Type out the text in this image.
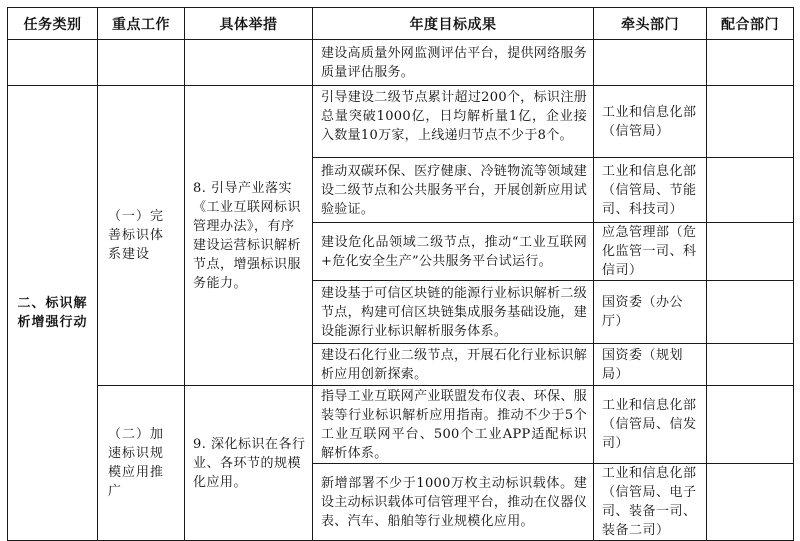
任务类别	重点工作	具体举措	年度目标成果	牵头部门	配合部门
			建设高质量外网监测评估平台，提供网络服务质量评估服务。		
二、标识解析增强行动	（一）完善标识体系建设	8. 引导产业落实《工业互联网标识管理办法》，有序建设运营标识解析节点，增强标识服务能力。	引导建设二级节点累计超过200个，标识注册总量突破1000亿，日均解析量1亿，企业接入数量10万家，上线递归节点不少于8个。	工业和信息化部（信管局）	
			推动双碳环保、医疗健康、冷链物流等领域建设二级节点和公共服务平台，开展创新应用试验验证。	工业和信息化部（信管局、节能司、科技司）	
			建设危化品领域二级节点，推动“工业互联网+危化安全生产”公共服务平台试运行。	应急管理部（危化监管一司、科信司）	
			建设基于可信区块链的能源行业标识解析二级节点，构建可信区块链集成服务基础设施，建设能源行业标识解析服务体系。	国资委（办公厅）	
			建设石化行业二级节点，开展石化行业标识解析应用创新探索。	国资委（规划局）	
	（二）加速标识规模应用推广	9. 深化标识在各行业、各环节的规模化应用。	指导工业互联网产业联盟发布仪表、环保、服装等行业标识解析应用指南。推动不少于5个工业互联网平台、500个工业APP适配标识解析体系。	工业和信息化部（信管局、信发司）	
			新增部署不少于1000万枚主动标识载体。建设主动标识载体可信管理平台，推动在仪器仪表、汽车、船舶等行业规模化应用。	工业和信息化部（信管局、电子司、装备一司、装备二司）	
